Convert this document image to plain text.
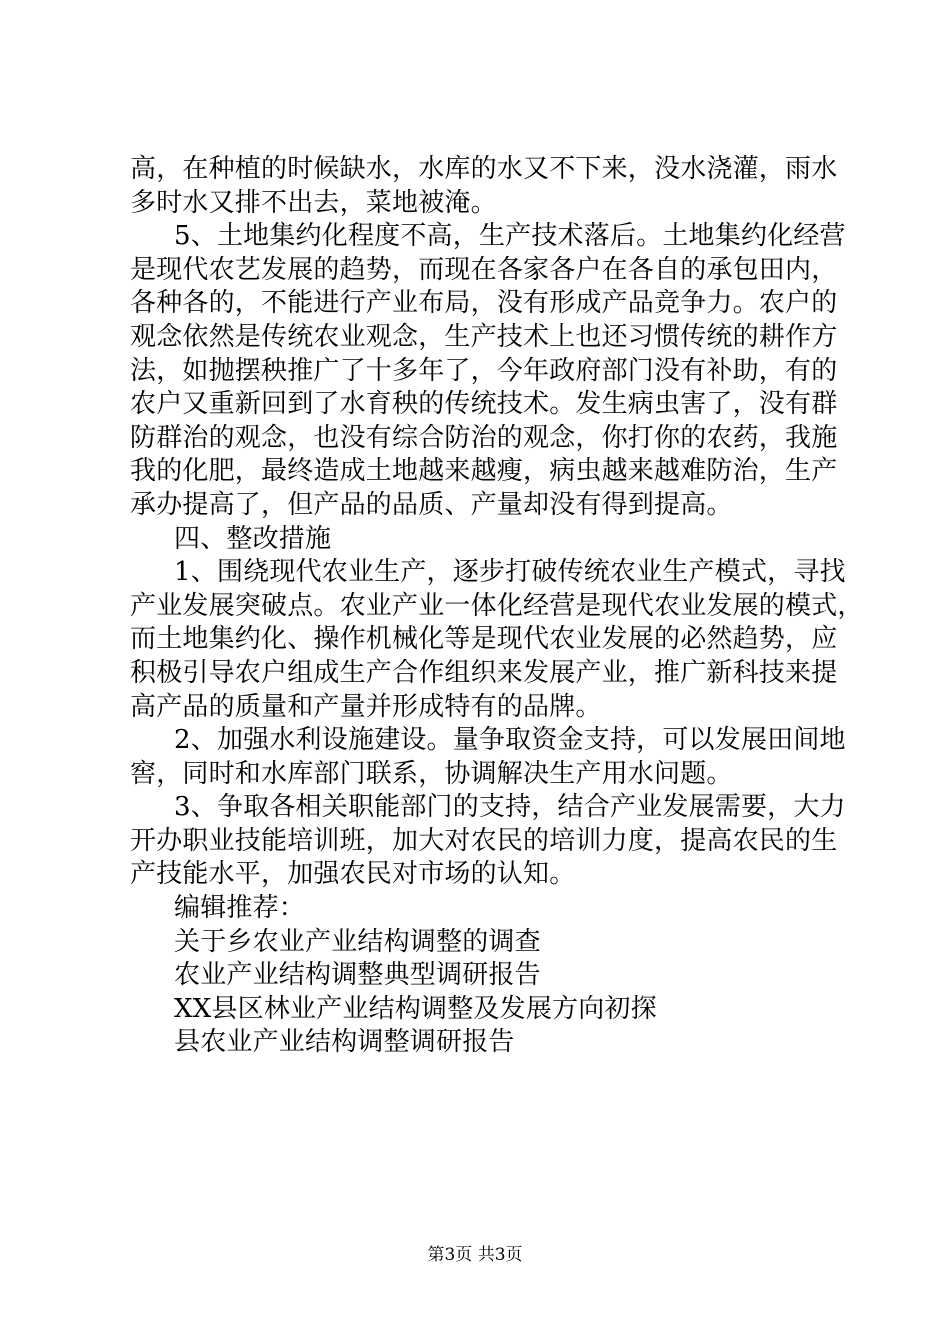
高，在种植的时候缺水，水库的水又不下来，没水浇灌，雨水
多时水又排不出去，菜地被淹。
5、土地集约化程度不高，生产技术落后。土地集约化经营
是现代农艺发展的趋势，而现在各家各户在各自的承包田内，
各种各的，不能进行产业布局，没有形成产品竞争力。农户的
观念依然是传统农业观念，生产技术上也还习惯传统的耕作方
法，如抛摆秧推广了十多年了，今年政府部门没有补助，有的
农户又重新回到了水育秧的传统技术。发生病虫害了，没有群
防群治的观念，也没有综合防治的观念，你打你的农药，我施
我的化肥，最终造成土地越来越瘦，病虫越来越难防治，生产
承办提高了，但产品的品质、产量却没有得到提高。
四、整改措施
1、围绕现代农业生产，逐步打破传统农业生产模式，寻找
产业发展突破点。农业产业一体化经营是现代农业发展的模式，
而土地集约化、操作机械化等是现代农业发展的必然趋势，应
积极引导农户组成生产合作组织来发展产业，推广新科技来提
高产品的质量和产量并形成特有的品牌。
2、加强水利设施建设。量争取资金支持，可以发展田间地
窖，同时和水库部门联系，协调解决生产用水问题。
3、争取各相关职能部门的支持，结合产业发展需要，大力
开办职业技能培训班，加大对农民的培训力度，提高农民的生
产技能水平，加强农民对市场的认知。
编辑推荐：
关于乡农业产业结构调整的调查
农业产业结构调整典型调研报告
XX县区林业产业结构调整及发展方向初探
县农业产业结构调整调研报告
第3页 共3页
